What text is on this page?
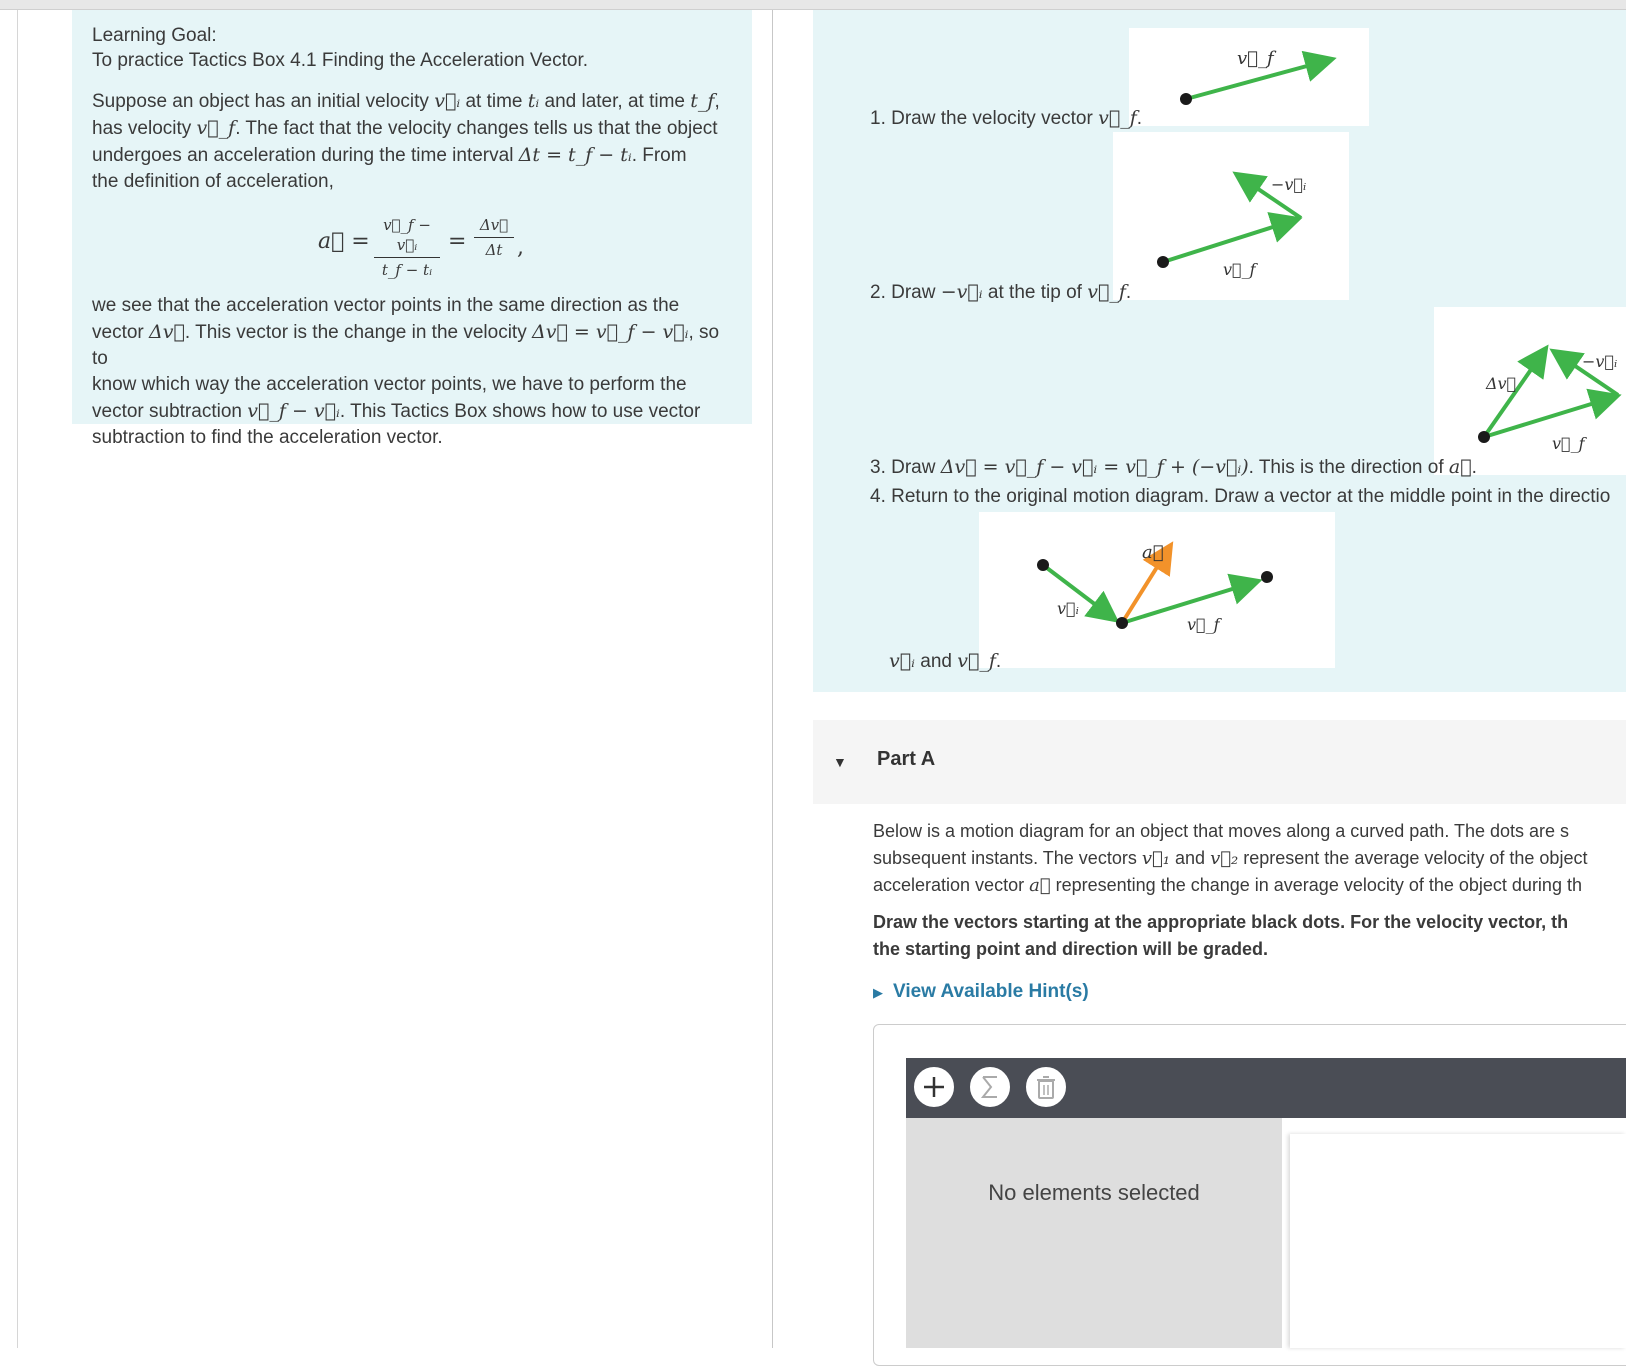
Learning Goal:

To practice Tactics Box 4.1 Finding the Acceleration Vector.

Suppose an object has an initial velocity v⃗ᵢ at time tᵢ and later, at time t_f,
has velocity v⃗_f. The fact that the velocity changes tells us that the object
undergoes an acceleration during the time interval Δt = t_f − tᵢ. From
the definition of acceleration,

a⃗ =
v⃗_f − v⃗ᵢ
t_f − tᵢ
=
Δv⃗
Δt ,

we see that the acceleration vector points in the same direction as the
vector Δv⃗. This vector is the change in the velocity Δv⃗ = v⃗_f − v⃗ᵢ, so to
know which way the acceleration vector points, we have to perform the
vector subtraction v⃗_f − v⃗ᵢ. This Tactics Box shows how to use vector
subtraction to find the acceleration vector.

v⃗_f
1. Draw the velocity vector v⃗_f.
v⃗_f
−v⃗ᵢ
2. Draw −v⃗ᵢ at the tip of v⃗_f.
v⃗_f
−v⃗ᵢ
Δv⃗
3. Draw Δv⃗ = v⃗_f − v⃗ᵢ = v⃗_f + (−v⃗ᵢ). This is the direction of a⃗.
4. Return to the original motion diagram. Draw a vector at the middle point in the directio
v⃗ᵢ
v⃗_f
a⃗
v⃗ᵢ and v⃗_f.
▼ Part A

Below is a motion diagram for an object that moves along a curved path. The dots are s
subsequent instants. The vectors v⃗₁ and v⃗₂ represent the average velocity of the object
acceleration vector a⃗ representing the change in average velocity of the object during th

Draw the vectors starting at the appropriate black dots. For the velocity vector, th
the starting point and direction will be graded.

▶ View Available Hint(s)
No elements selected
